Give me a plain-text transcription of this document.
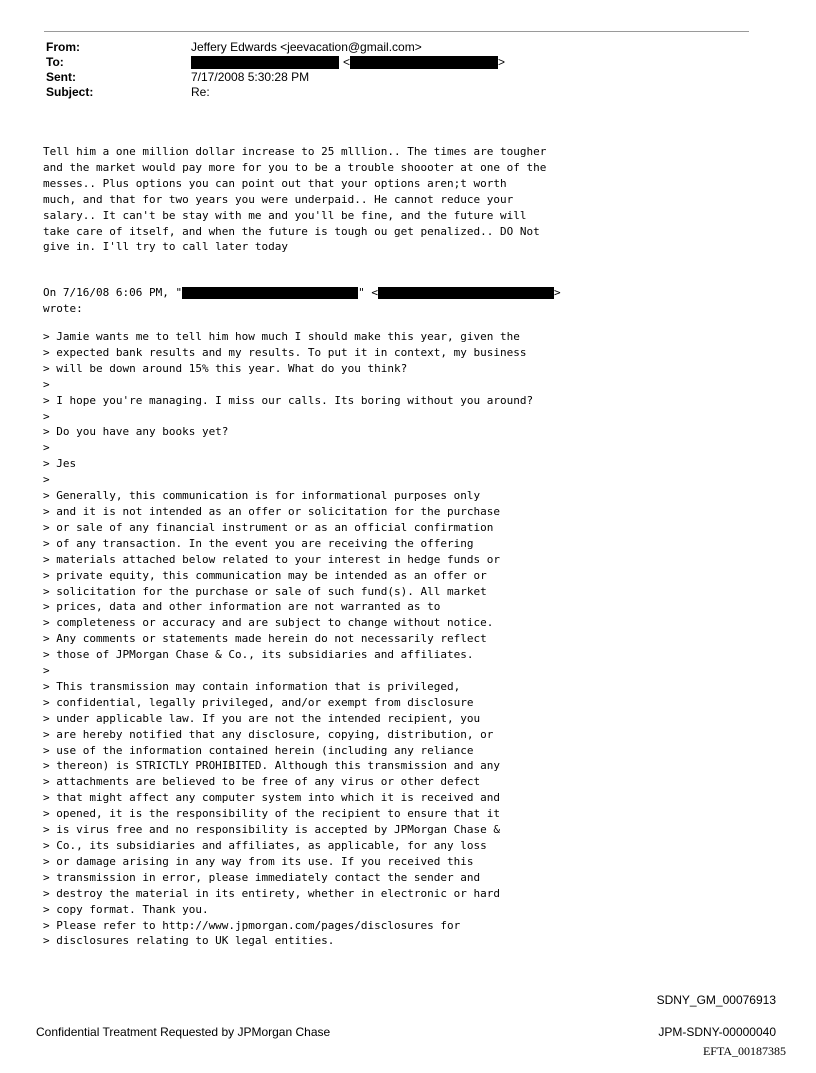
From:	Jeffery Edwards <jeevacation@gmail.com>
To:	<	>
Sent:	7/17/2008 5:30:28 PM
Subject:	Re:
Tell him a one million dollar increase to 25 mlllion.. The times are tougher
and the market would pay more for you to be a trouble shoooter at one of the
messes.. Plus options you can point out that your options aren;t worth
much, and that for two years you were underpaid.. He cannot reduce your
salary.. It can't be stay with me and you'll be fine, and the future will
take care of itself, and when the future is tough ou get penalized.. DO Not
give in. I'll try to call later today
On 7/16/08 6:06 PM, "	" <	>
wrote:
> Jamie wants me to tell him how much I should make this year, given the
> expected bank results and my results. To put it in context, my business
> will be down around 15% this year. What do you think?
>
> I hope you're managing. I miss our calls. Its boring without you around?
>
> Do you have any books yet?
>
> Jes
>
> Generally, this communication is for informational purposes only
> and it is not intended as an offer or solicitation for the purchase
> or sale of any financial instrument or as an official confirmation
> of any transaction. In the event you are receiving the offering
> materials attached below related to your interest in hedge funds or
> private equity, this communication may be intended as an offer or
> solicitation for the purchase or sale of such fund(s). All market
> prices, data and other information are not warranted as to
> completeness or accuracy and are subject to change without notice.
> Any comments or statements made herein do not necessarily reflect
> those of JPMorgan Chase & Co., its subsidiaries and affiliates.
>
> This transmission may contain information that is privileged,
> confidential, legally privileged, and/or exempt from disclosure
> under applicable law. If you are not the intended recipient, you
> are hereby notified that any disclosure, copying, distribution, or
> use of the information contained herein (including any reliance
> thereon) is STRICTLY PROHIBITED. Although this transmission and any
> attachments are believed to be free of any virus or other defect
> that might affect any computer system into which it is received and
> opened, it is the responsibility of the recipient to ensure that it
> is virus free and no responsibility is accepted by JPMorgan Chase &
> Co., its subsidiaries and affiliates, as applicable, for any loss
> or damage arising in any way from its use. If you received this
> transmission in error, please immediately contact the sender and
> destroy the material in its entirety, whether in electronic or hard
> copy format. Thank you.
> Please refer to http://www.jpmorgan.com/pages/disclosures for
> disclosures relating to UK legal entities.
SDNY_GM_00076913
Confidential Treatment Requested by JPMorgan Chase	JPM-SDNY-00000040
EFTA_00187385
